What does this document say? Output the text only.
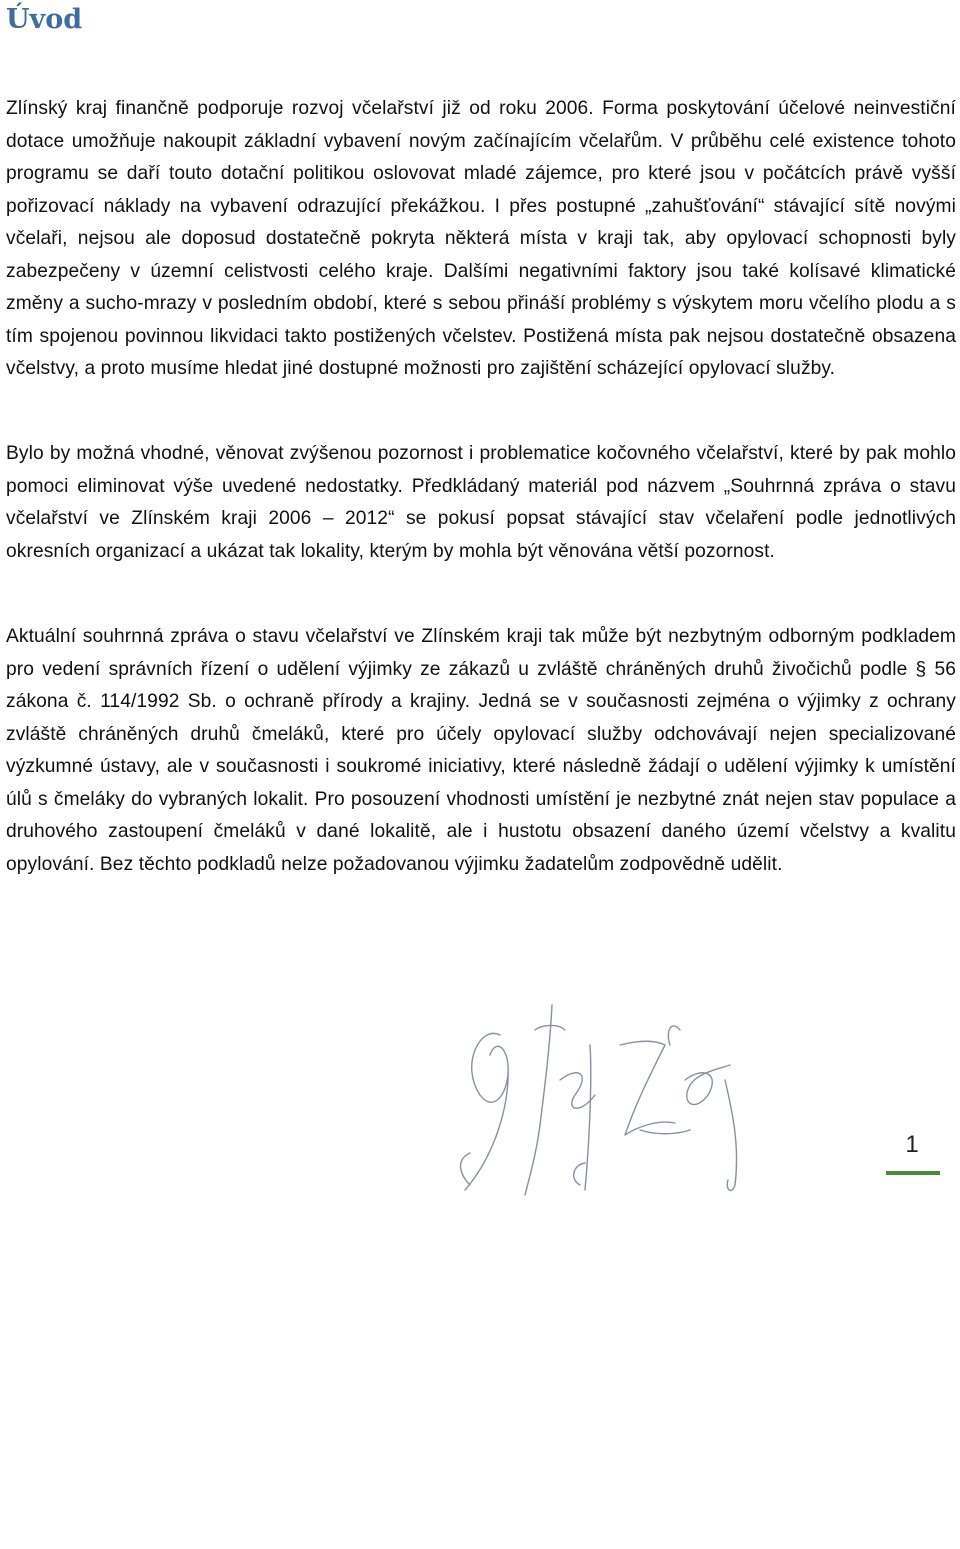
Úvod

Zlínský kraj finančně podporuje rozvoj včelařství již od roku 2006. Forma poskytování účelové neinvestiční dotace umožňuje nakoupit základní vybavení novým začínajícím včelařům. V průběhu celé existence tohoto programu se daří touto dotační politikou oslovovat mladé zájemce, pro které jsou v počátcích právě vyšší pořizovací náklady na vybavení odrazující překážkou. I přes postupné „zahušťování“ stávající sítě novými včelaři, nejsou ale doposud dostatečně pokryta některá místa v kraji tak, aby opylovací schopnosti byly zabezpečeny v územní celistvosti celého kraje. Dalšími negativními faktory jsou také kolísavé klimatické změny a sucho-mrazy v posledním období, které s sebou přináší problémy s výskytem moru včelího plodu a s tím spojenou povinnou likvidaci takto postižených včelstev. Postižená místa pak nejsou dostatečně obsazena včelstvy, a proto musíme hledat jiné dostupné možnosti pro zajištění scházející opylovací služby.

Bylo by možná vhodné, věnovat zvýšenou pozornost i problematice kočovného včelařství, které by pak mohlo pomoci eliminovat výše uvedené nedostatky. Předkládaný materiál pod názvem „Souhrnná zpráva o stavu včelařství ve Zlínském kraji 2006 – 2012“ se pokusí popsat stávající stav včelaření podle jednotlivých okresních organizací a ukázat tak lokality, kterým by mohla být věnována větší pozornost.

Aktuální souhrnná zpráva o stavu včelařství ve Zlínském kraji tak může být nezbytným odborným podkladem pro vedení správních řízení o udělení výjimky ze zákazů u zvláště chráněných druhů živočichů podle § 56 zákona č. 114/1992 Sb. o ochraně přírody a krajiny. Jedná se v současnosti zejména o výjimky z ochrany zvláště chráněných druhů čmeláků, které pro účely opylovací služby odchovávají nejen specializované výzkumné ústavy, ale v současnosti i soukromé iniciativy, které následně žádají o udělení výjimky k umístění úlů s čmeláky do vybraných lokalit. Pro posouzení vhodnosti umístění je nezbytné znát nejen stav populace a druhového zastoupení čmeláků v dané lokalitě, ale i hustotu obsazení daného území včelstvy a kvalitu opylování. Bez těchto podkladů nelze požadovanou výjimku žadatelům zodpovědně udělit.

1
